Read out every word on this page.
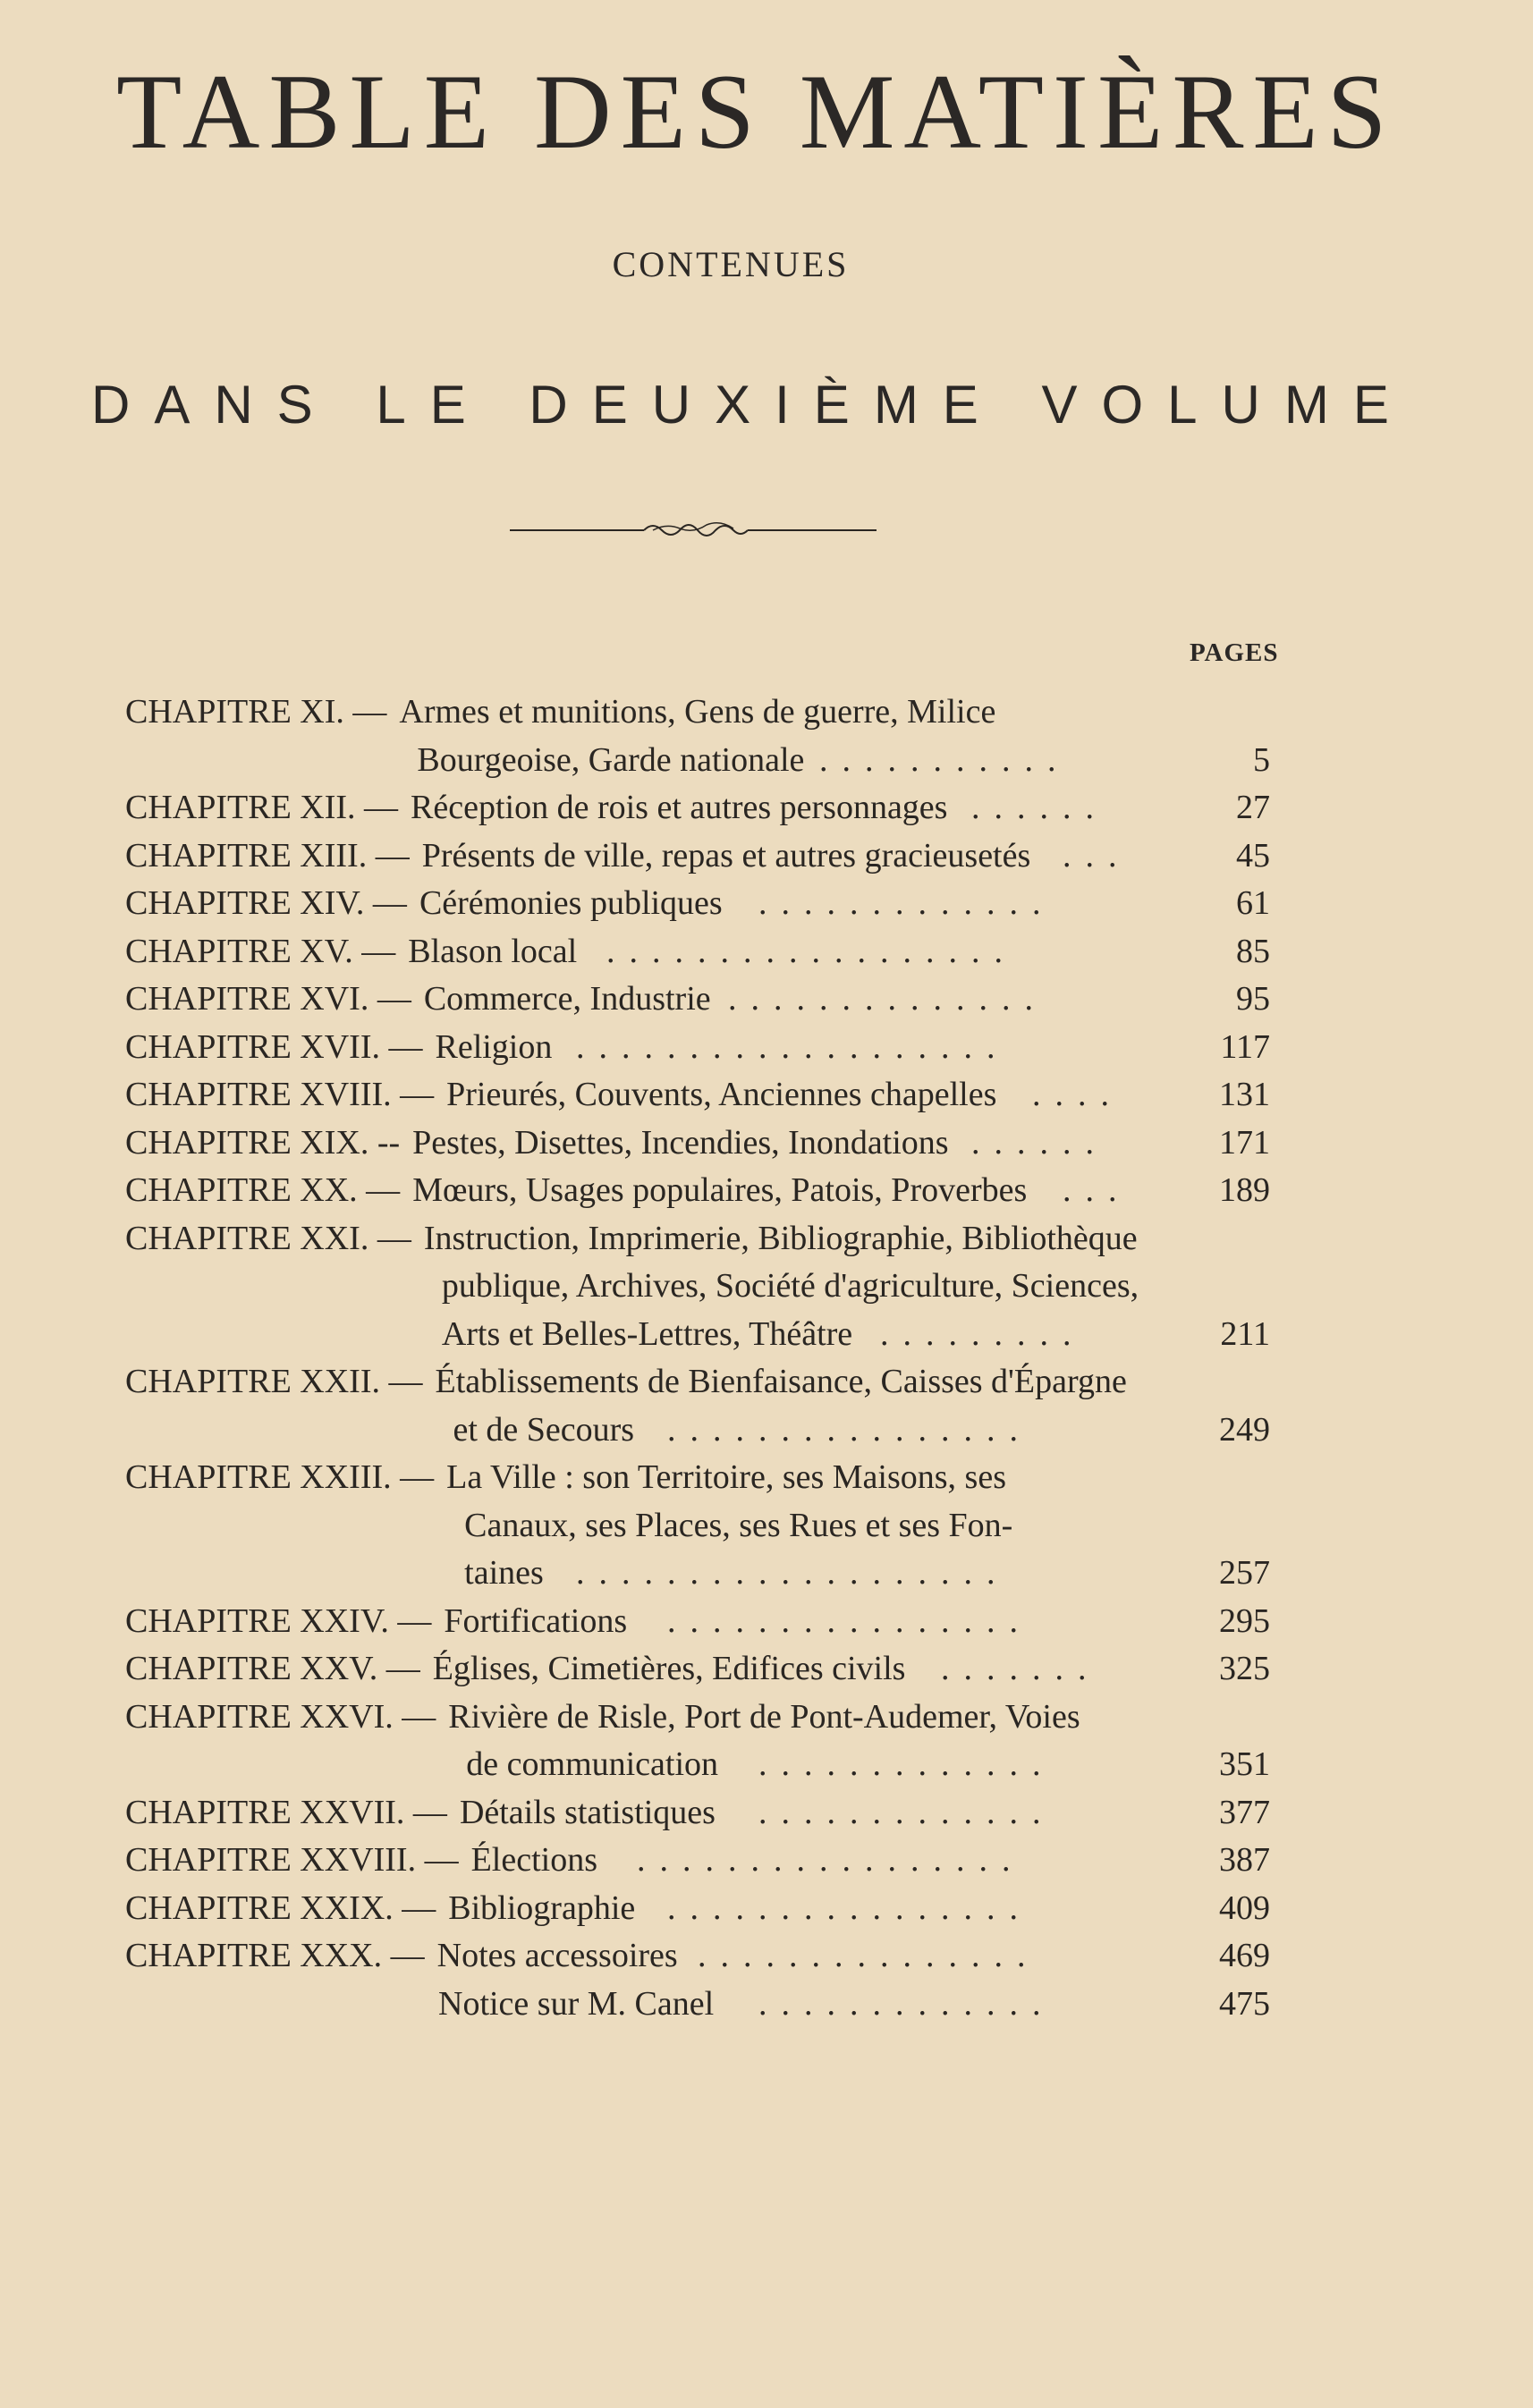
TABLE DES MATIÈRES
CONTENUES
DANS LE DEUXIÈME VOLUME
PAGES
CHAPITRE XI. — Armes et munitions, Gens de guerre, Milice
Bourgeoise, Garde nationale ...........	5
CHAPITRE XII. — Réception de rois et autres personnages ......	27
CHAPITRE XIII. — Présents de ville, repas et autres gracieusetés ...	45
CHAPITRE XIV. — Cérémonies publiques .............	61
CHAPITRE XV. — Blason local ..................	85
CHAPITRE XVI. — Commerce, Industrie ..............	95
CHAPITRE XVII. — Religion ...................	117
CHAPITRE XVIII. — Prieurés, Couvents, Anciennes chapelles ....	131
CHAPITRE XIX. -- Pestes, Disettes, Incendies, Inondations ......	171
CHAPITRE XX. — Mœurs, Usages populaires, Patois, Proverbes ...	189
CHAPITRE XXI. — Instruction, Imprimerie, Bibliographie, Bibliothèque
publique, Archives, Société d'agriculture, Sciences,
Arts et Belles-Lettres, Théâtre .........	211
CHAPITRE XXII. — Établissements de Bienfaisance, Caisses d'Épargne
et de Secours ................	249
CHAPITRE XXIII. — La Ville : son Territoire, ses Maisons, ses
Canaux, ses Places, ses Rues et ses Fon-
taines ...................	257
CHAPITRE XXIV. — Fortifications ................	295
CHAPITRE XXV. — Églises, Cimetières, Edifices civils .......	325
CHAPITRE XXVI. — Rivière de Risle, Port de Pont-Audemer, Voies
de communication .............	351
CHAPITRE XXVII. — Détails statistiques .............	377
CHAPITRE XXVIII. — Élections .................	387
CHAPITRE XXIX. — Bibliographie ................	409
CHAPITRE XXX. — Notes accessoires ...............	469
Notice sur M. Canel .............	475
